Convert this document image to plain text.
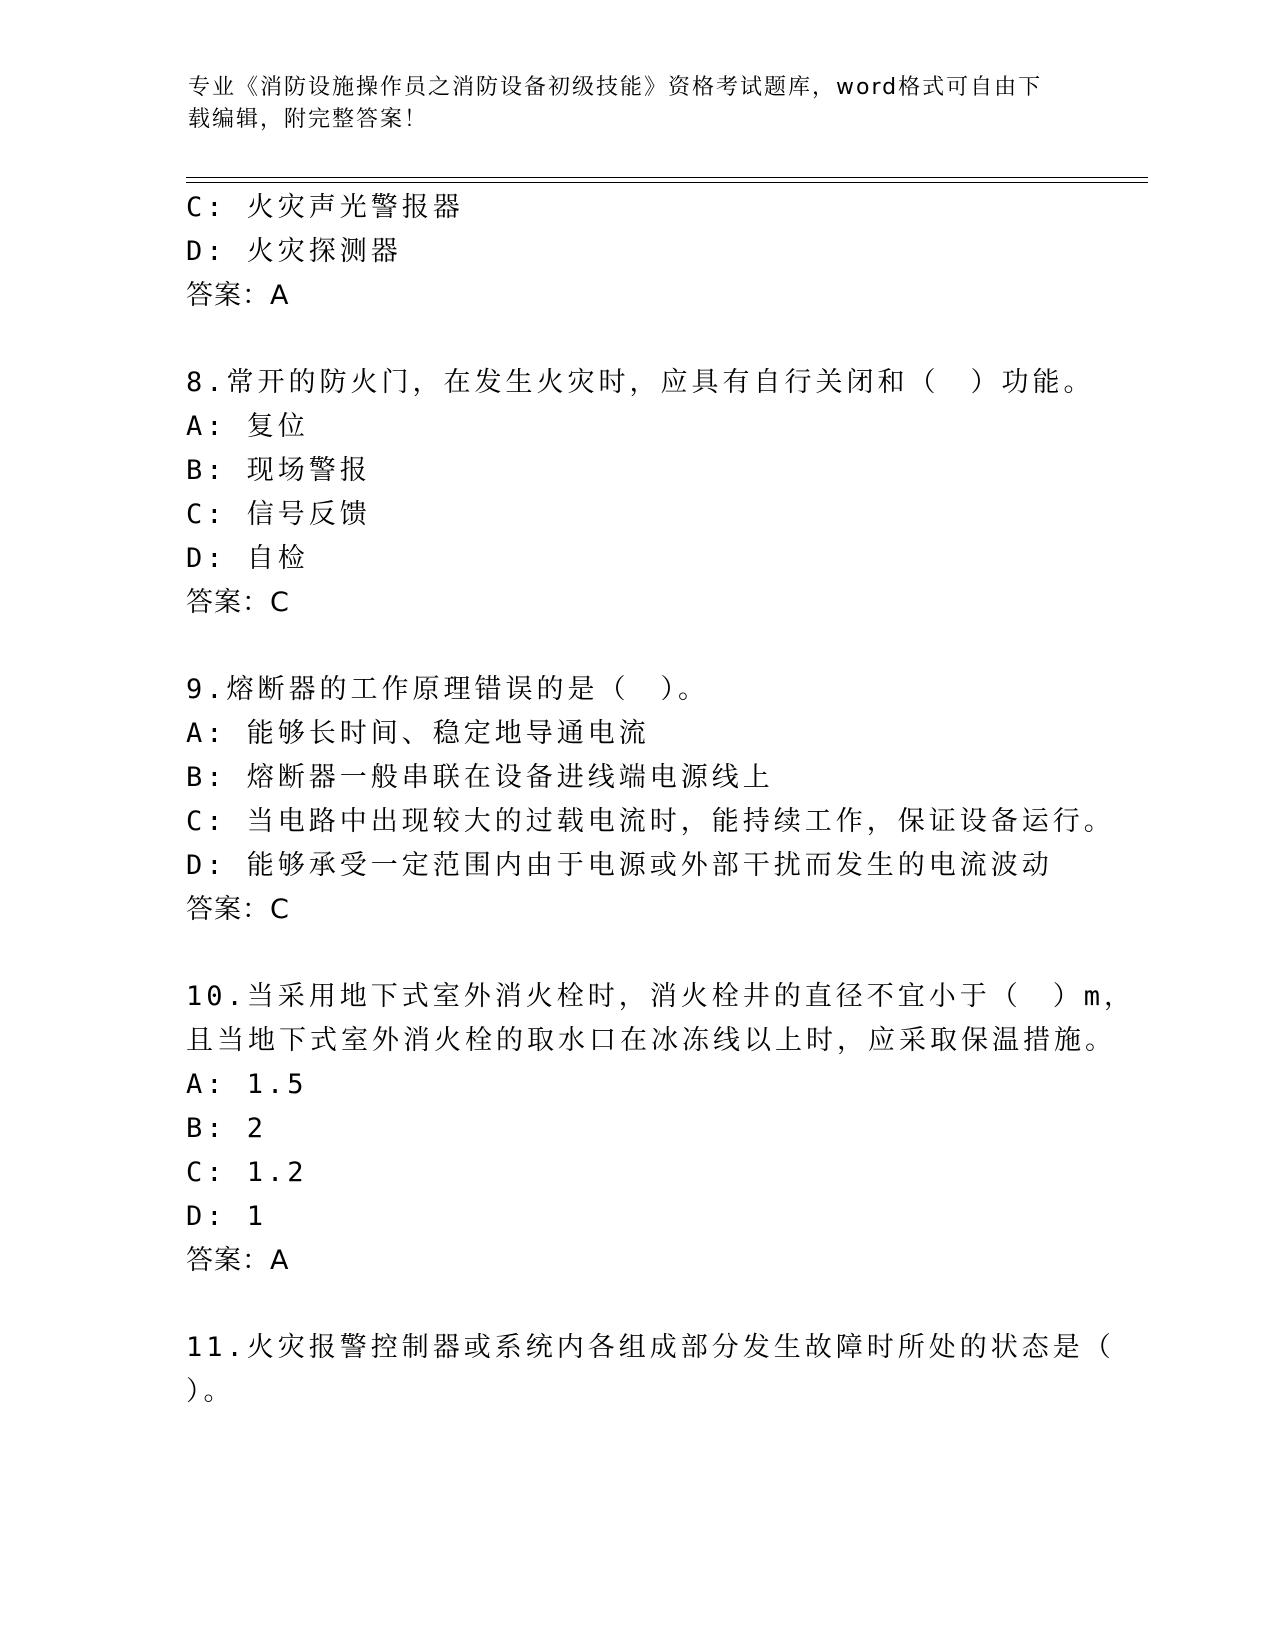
专业《消防设施操作员之消防设备初级技能》资格考试题库，word格式可自由下
载编辑，附完整答案！
C: 火灾声光警报器
D: 火灾探测器
答案：A
8.常开的防火门，在发生火灾时，应具有自行关闭和（　）功能。
A: 复位
B: 现场警报
C: 信号反馈
D: 自检
答案：C
9.熔断器的工作原理错误的是（　）。
A: 能够长时间、稳定地导通电流
B: 熔断器一般串联在设备进线端电源线上
C: 当电路中出现较大的过载电流时，能持续工作，保证设备运行。
D: 能够承受一定范围内由于电源或外部干扰而发生的电流波动
答案：C
10.当采用地下式室外消火栓时，消火栓井的直径不宜小于（　）m，
且当地下式室外消火栓的取水口在冰冻线以上时，应采取保温措施。
A: 1.5
B: 2
C: 1.2
D: 1
答案：A
11.火灾报警控制器或系统内各组成部分发生故障时所处的状态是（
）。
